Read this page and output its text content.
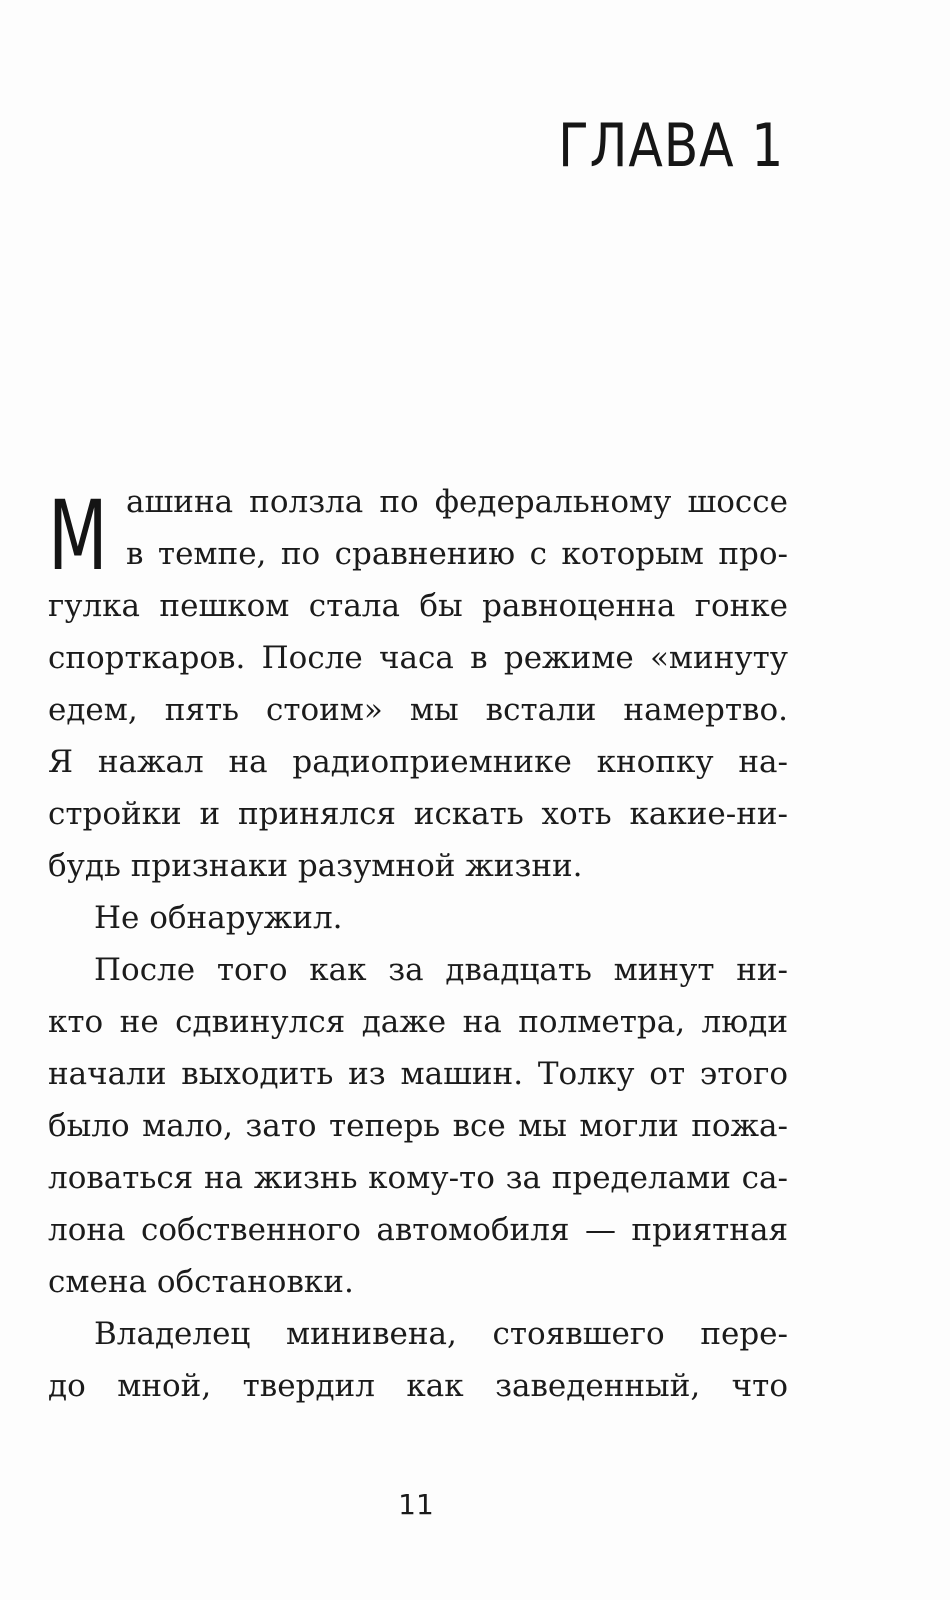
ГЛАВА 1
М ашина ползла по федеральному шоссе
в темпе, по сравнению с которым про-
гулка пешком стала бы равноценна гонке
спорткаров. После часа в режиме «минуту
едем, пять стоим» мы встали намертво.
Я нажал на радиоприемнике кнопку на-
стройки и принялся искать хоть какие-ни-
будь признаки разумной жизни.
Не обнаружил.
После того как за двадцать минут ни-
кто не сдвинулся даже на полметра, люди
начали выходить из машин. Толку от этого
было мало, зато теперь все мы могли пожа-
ловаться на жизнь кому-то за пределами са-
лона собственного автомобиля — приятная
смена обстановки.
Владелец минивена, стоявшего пере-
до мной, твердил как заведенный, что
11
